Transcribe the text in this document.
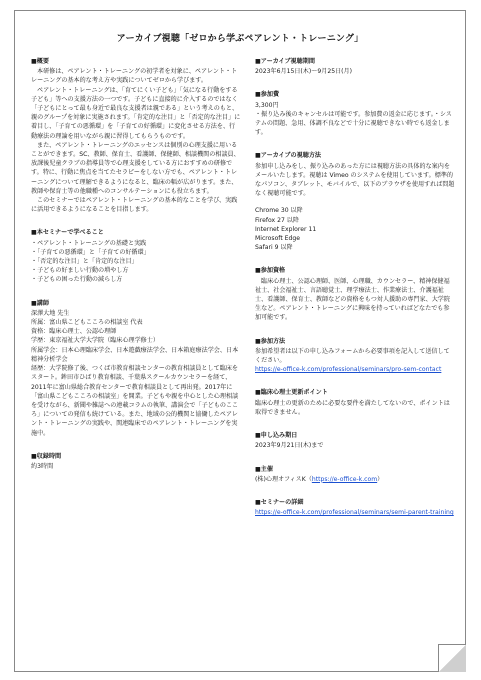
アーカイブ視聴「ゼロから学ぶペアレント・トレーニング」
■概要

本研修は、ペアレント・トレーニングの初学者を対象に、ペアレント・トレーニングの基本的な考え方や実践についてゼロから学びます。

ペアレント・トレーニングは、「育てにくい子ども」「気になる行動をする子ども」等への支援方法の一つです。子どもに直接的に介入するのではなく「子どもにとって最も身近で最良な支援者は親である」という考えのもと、親のグループを対象に実施されます。「肯定的な注目」と「否定的な注目」に着目し、「子育ての悪循環」を「子育ての好循環」に変化させる方法を、行動療法の理論を用いながら親に習得してもらうものです。

また、ペアレント・トレーニングのエッセンスは個別の心理支援に用いることができます。SC、教師、保育士、看護師、保健師、相談機関の相談員、放課後児童クラブの指導員等で心理支援をしている方におすすめの研修です。特に、行動に焦点を当てたセラピーをしない方でも、ペアレント・トレーニングについて理解できるようになると、臨床の幅が広がります。また、教師や保育士等の他職種へのコンサルテーションにも役立ちます。

このセミナーではペアレント・トレーニングの基本的なことを学び、実践に活用できるようになることを目指します。

■本セミナーで学べること
・ペアレント・トレーニングの基礎と実践
・「子育ての悪循環」と「子育ての好循環」
・「否定的な注目」と「肯定的な注目」
・子どもの好ましい行動の増やし方
・子どもの困った行動の減らし方
■講師
深澤大地 先生
所属：富山県こどもこころの相談室 代表
資格：臨床心理士、公認心理師
学歴：東京福祉大学大学院（臨床心理学修士）
所属学会：日本心理臨床学会、日本遊戯療法学会、日本箱庭療法学会、日本精神分析学会
経歴：大学院修了後、つくば市教育相談センターの教育相談員として臨床をスタート。鉾田市ひばり教育相談、千葉県スクールカウンセラーを経て、2011年に富山県総合教育センターで教育相談員として再出発。2017年に「富山県こどもこころの相談室」を開業。子どもや親を中心とした心理相談を受けながら、新聞や雑誌への連載コラムの執筆、講演会で「子どものこころ」についての発信も続けている。また、地域の公的機関と協働したペアレント・トレーニングの実践や、関連臨床でのペアレント・トレーニングを実施中。
■収録時間
約3時間
■アーカイブ視聴期間
2023年6月15日(木)～9月25日(月)
■参加費
3,300円
・振り込み後のキャンセルは可能です。参加費の返金に応じます。・システムの問題、急用、体調不良などで十分に視聴できない時でも返金します。
■アーカイブの視聴方法
参加申し込みをし、振り込みのあった方には視聴方法の具体的な案内をメールいたします。視聴は Vimeo のシステムを使用しています。標準的なパソコン、タブレット、モバイルで、以下のブラウザを使用すれば問題なく視聴可能です。
Chrome 30 以降
Firefox 27 以降
Internet Explorer 11
Microsoft Edge
Safari 9 以降
■参加資格
臨床心理士、公認心理師、医師、心理職、カウンセラー、精神保健福祉士、社会福祉士、言語聴覚士、理学療法士、作業療法士、介護福祉士、看護師、保育士、教師などの資格をもつ対人援助の専門家、大学院生など。ペアレント・トレーニングに興味を持っていればどなたでも参加可能です。
■参加方法
参加希望者は以下の申し込みフォームから必要事項を記入して送信してください。
https://e-office-k.com/professional/seminars/pro-sem-contact
■臨床心理士更新ポイント
臨床心理士の更新のために必要な要件を満たしてないので、ポイントは取得できません。
■申し込み期日
2023年9月21日(木)まで
■主催
(株)心理オフィスK（https://e-office-k.com）
■セミナーの詳細
https://e-office-k.com/professional/seminars/semi-parent-training
